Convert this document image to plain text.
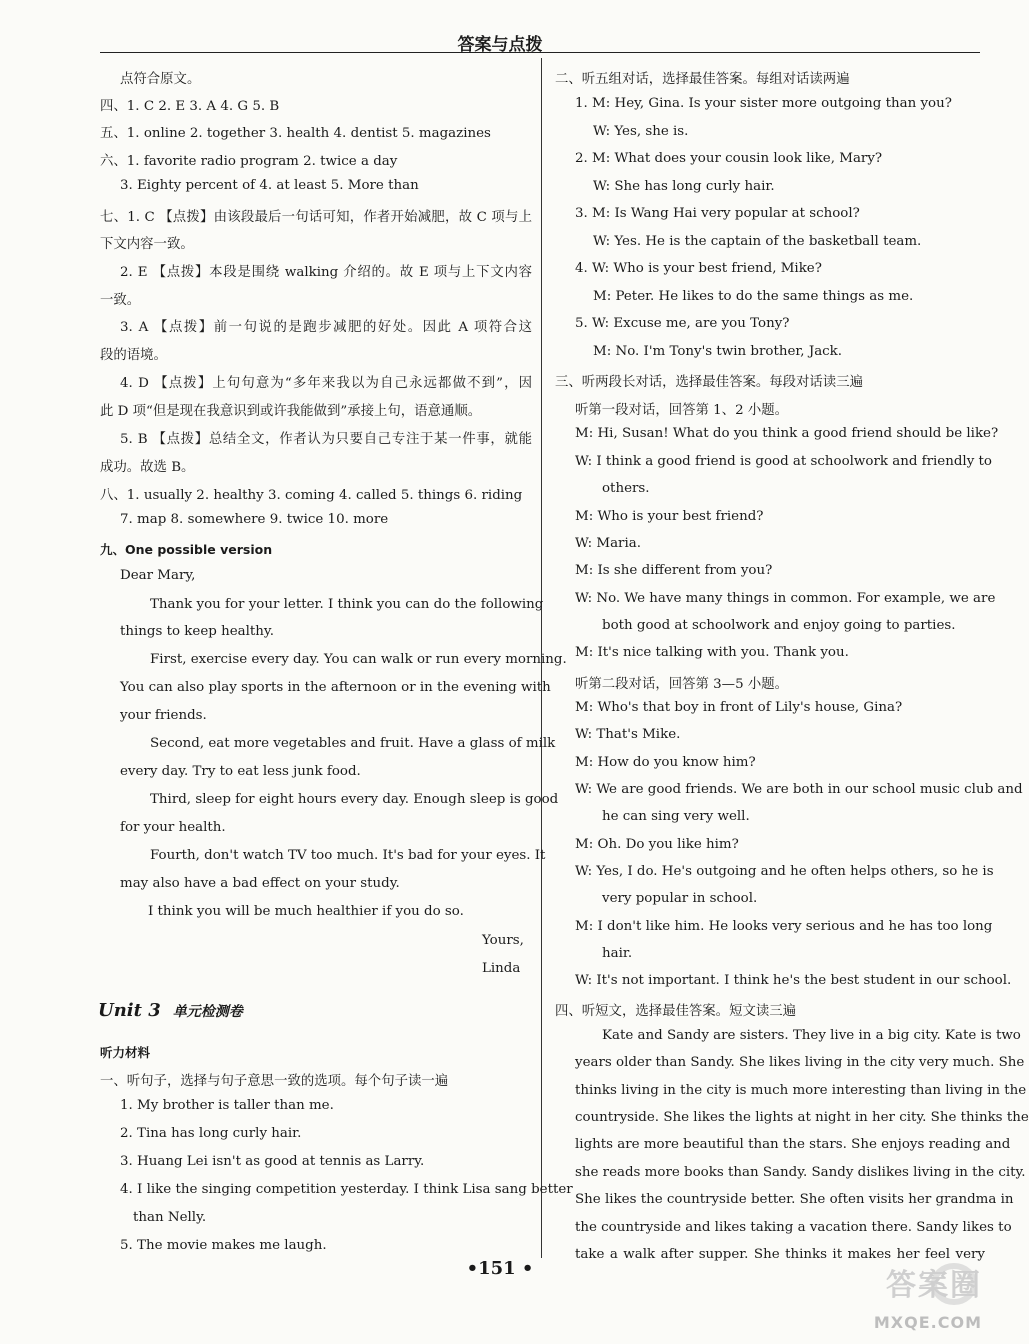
答案与点拨
点符合原文。
四、1. C 2. E 3. A 4. G 5. B
五、1. online 2. together 3. health 4. dentist 5. magazines
六、1. favorite radio program 2. twice a day
3. Eighty percent of 4. at least 5. More than
七、1. C 【点拨】由该段最后一句话可知，作者开始减肥，故 C 项与上
下文内容一致。
2. E 【点拨】本段是围绕 walking 介绍的。故 E 项与上下文内容
一致。
3. A 【点拨】前一句说的是跑步减肥的好处。因此 A 项符合这
段的语境。
4. D 【点拨】上句句意为“多年来我以为自己永远都做不到”，因
此 D 项“但是现在我意识到或许我能做到”承接上句，语意通顺。
5. B 【点拨】总结全文，作者认为只要自己专注于某一件事，就能
成功。故选 B。
八、1. usually 2. healthy 3. coming 4. called 5. things 6. riding
7. map 8. somewhere 9. twice 10. more
九、One possible version
Dear Mary,
Thank you for your letter. I think you can do the following
things to keep healthy.
First, exercise every day. You can walk or run every morning.
You can also play sports in the afternoon or in the evening with
your friends.
Second, eat more vegetables and fruit. Have a glass of milk
every day. Try to eat less junk food.
Third, sleep for eight hours every day. Enough sleep is good
for your health.
Fourth, don't watch TV too much. It's bad for your eyes. It
may also have a bad effect on your study.
I think you will be much healthier if you do so.
Yours,
Linda
Unit 3 单元检测卷
听力材料
一、听句子，选择与句子意思一致的选项。每个句子读一遍
1. My brother is taller than me.
2. Tina has long curly hair.
3. Huang Lei isn't as good at tennis as Larry.
4. I like the singing competition yesterday. I think Lisa sang better
than Nelly.
5. The movie makes me laugh.
二、听五组对话，选择最佳答案。每组对话读两遍
1. M: Hey, Gina. Is your sister more outgoing than you?
W: Yes, she is.
2. M: What does your cousin look like, Mary?
W: She has long curly hair.
3. M: Is Wang Hai very popular at school?
W: Yes. He is the captain of the basketball team.
4. W: Who is your best friend, Mike?
M: Peter. He likes to do the same things as me.
5. W: Excuse me, are you Tony?
M: No. I'm Tony's twin brother, Jack.
三、听两段长对话，选择最佳答案。每段对话读三遍
听第一段对话，回答第 1、2 小题。
M: Hi, Susan! What do you think a good friend should be like?
W: I think a good friend is good at schoolwork and friendly to
others.
M: Who is your best friend?
W: Maria.
M: Is she different from you?
W: No. We have many things in common. For example, we are
both good at schoolwork and enjoy going to parties.
M: It's nice talking with you. Thank you.
听第二段对话，回答第 3—5 小题。
M: Who's that boy in front of Lily's house, Gina?
W: That's Mike.
M: How do you know him?
W: We are good friends. We are both in our school music club and
he can sing very well.
M: Oh. Do you like him?
W: Yes, I do. He's outgoing and he often helps others, so he is
very popular in school.
M: I don't like him. He looks very serious and he has too long
hair.
W: It's not important. I think he's the best student in our school.
四、听短文，选择最佳答案。短文读三遍
Kate and Sandy are sisters. They live in a big city. Kate is two
years older than Sandy. She likes living in the city very much. She
thinks living in the city is much more interesting than living in the
countryside. She likes the lights at night in her city. She thinks the
lights are more beautiful than the stars. She enjoys reading and
she reads more books than Sandy. Sandy dislikes living in the city.
She likes the countryside better. She often visits her grandma in
the countryside and likes taking a vacation there. Sandy likes to
take a walk after supper. She thinks it makes her feel very
•151 •	答案圈
MXQE.COM
